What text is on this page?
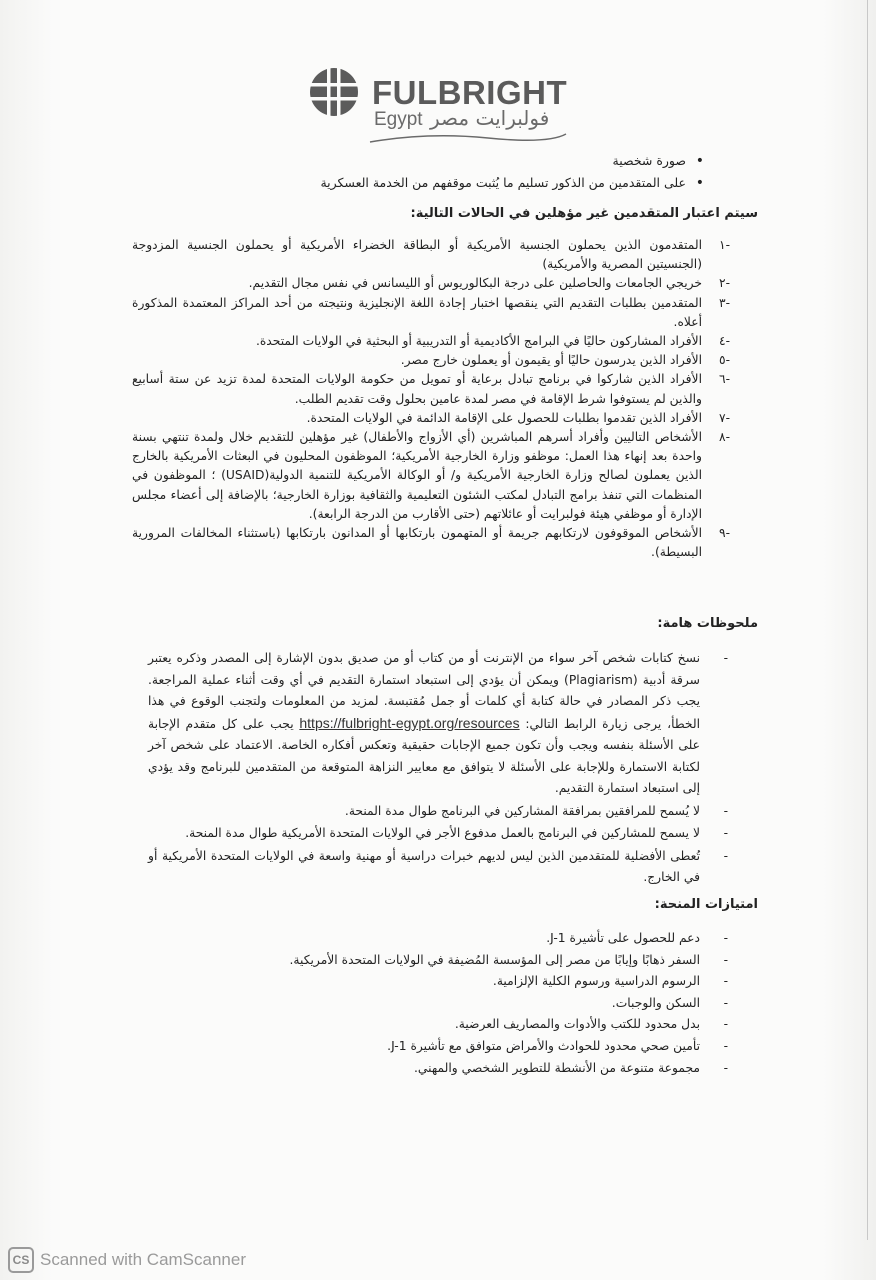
FULBRIGHT
Egypt فولبرايت مصر
• صورة شخصية
• على المتقدمين من الذكور تسليم ما يُثبت موقفهم من الخدمة العسكرية
سيتم اعتبار المتقدمين غير مؤهلين في الحالات التالية:
-١
المتقدمون الذين يحملون الجنسية الأمريكية أو البطاقة الخضراء الأمريكية أو يحملون الجنسية المزدوجة (الجنسيتين المصرية والأمريكية)
-٢
خريجي الجامعات والحاصلين على درجة البكالوريوس أو الليسانس في نفس مجال التقديم.
-٣
المتقدمين بطلبات التقديم التي ينقصها اختبار إجادة اللغة الإنجليزية ونتيجته من أحد المراكز المعتمدة المذكورة أعلاه.
-٤
الأفراد المشاركون حاليًا في البرامج الأكاديمية أو التدريبية أو البحثية في الولايات المتحدة.
-٥
الأفراد الذين يدرسون حاليًا أو يقيمون أو يعملون خارج مصر.
-٦
الأفراد الذين شاركوا في برنامج تبادل برعاية أو تمويل من حكومة الولايات المتحدة لمدة تزيد عن ستة أسابيع والذين لم يستوفوا شرط الإقامة في مصر لمدة عامين بحلول وقت تقديم الطلب.
-٧
الأفراد الذين تقدموا بطلبات للحصول على الإقامة الدائمة في الولايات المتحدة.
-٨
الأشخاص التاليين وأفراد أسرهم المباشرين (أي الأزواج والأطفال) غير مؤهلين للتقديم خلال ولمدة تنتهي بسنة واحدة بعد إنهاء هذا العمل: موظفو وزارة الخارجية الأمريكية؛ الموظفون المحليون في البعثات الأمريكية بالخارج الذين يعملون لصالح وزارة الخارجية الأمريكية و/ أو الوكالة الأمريكية للتنمية الدولية(USAID) ؛ الموظفون في المنظمات التي تنفذ برامج التبادل لمكتب الشئون التعليمية والثقافية بوزارة الخارجية؛ بالإضافة إلى أعضاء مجلس الإدارة أو موظفي هيئة فولبرايت أو عائلاتهم (حتى الأقارب من الدرجة الرابعة).
-٩
الأشخاص الموقوفون لارتكابهم جريمة أو المتهمون بارتكابها أو المدانون بارتكابها (باستثناء المخالفات المرورية البسيطة).
ملحوظات هامة:
-
نسخ كتابات شخص آخر سواء من الإنترنت أو من كتاب أو من صديق بدون الإشارة إلى المصدر وذكره يعتبر سرقة أدبية (Plagiarism) ويمكن أن يؤدي إلى استبعاد استمارة التقديم في أي وقت أثناء عملية المراجعة. يجب ذكر المصادر في حالة كتابة أي كلمات أو جمل مُقتبسة. لمزيد من المعلومات ولتجنب الوقوع في هذا الخطأ، يرجى زيارة الرابط التالي: https://fulbright-egypt.org/resources يجب على كل متقدم الإجابة على الأسئلة بنفسه ويجب وأن تكون جميع الإجابات حقيقية وتعكس أفكاره الخاصة. الاعتماد على شخص آخر لكتابة الاستمارة وللإجابة على الأسئلة لا يتوافق مع معايير النزاهة المتوقعة من المتقدمين للبرنامج وقد يؤدي إلى استبعاد استمارة التقديم.
-
لا يُسمح للمرافقين بمرافقة المشاركين في البرنامج طوال مدة المنحة.
-
لا يسمح للمشاركين في البرنامج بالعمل مدفوع الأجر في الولايات المتحدة الأمريكية طوال مدة المنحة.
-
تُعطى الأفضلية للمتقدمين الذين ليس لديهم خبرات دراسية أو مهنية واسعة في الولايات المتحدة الأمريكية أو في الخارج.
امتيازات المنحة:
-
دعم للحصول على تأشيرة J-1.
-
السفر ذهابًا وإيابًا من مصر إلى المؤسسة المُضيفة في الولايات المتحدة الأمريكية.
-
الرسوم الدراسية ورسوم الكلية الإلزامية.
-
السكن والوجبات.
-
بدل محدود للكتب والأدوات والمصاريف العرضية.
-
تأمين صحي محدود للحوادث والأمراض متوافق مع تأشيرة J-1.
-
مجموعة متنوعة من الأنشطة للتطوير الشخصي والمهني.
CS Scanned with CamScanner
